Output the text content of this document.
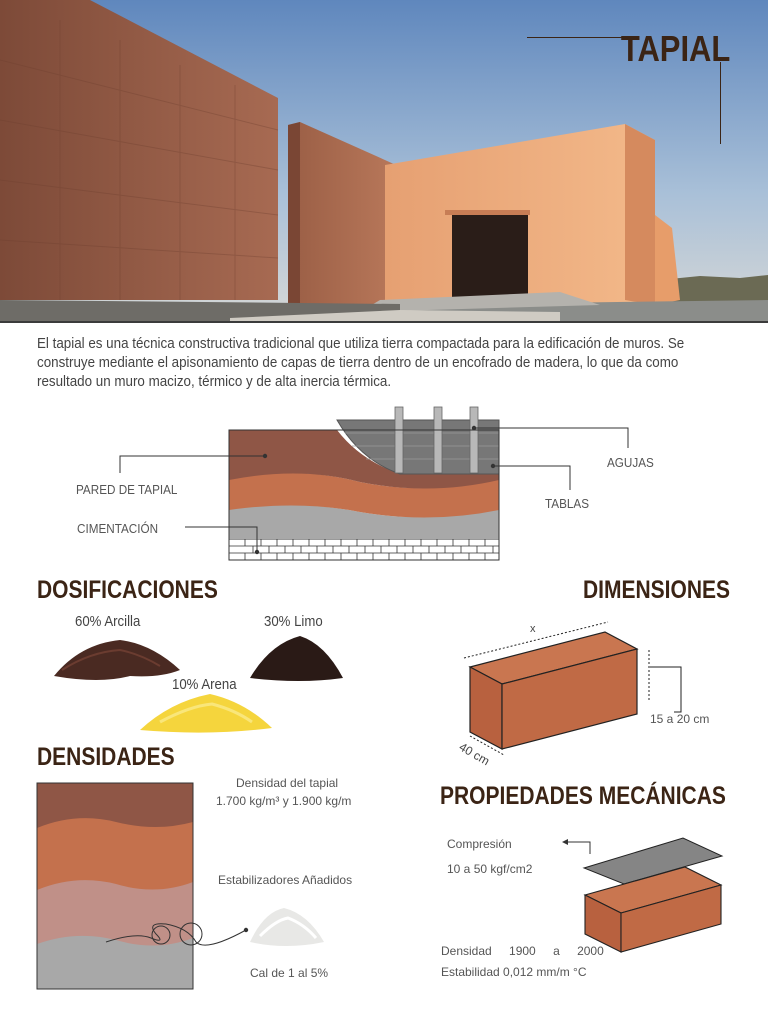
TAPIAL
El tapial es una técnica constructiva tradicional que utiliza tierra compactada para la edificación de muros. Se construye mediante el apisonamiento de capas de tierra dentro de un encofrado de madera, lo que da como resultado un muro macizo, térmico y de alta inercia térmica.
PARED DE TAPIAL
CIMENTACIÓN
AGUJAS
TABLAS
DOSIFICACIONES
60% Arcilla	30% Limo
10% Arena
DIMENSIONES
x
40 cm
15 a 20 cm
DENSIDADES
Densidad del tapial
1.700 kg/m³ y 1.900 kg/m
Estabilizadores Añadidos
Cal de 1 al 5%
PROPIEDADES MECÁNICAS
Compresión
10 a 50 kgf/cm2
Densidad 1900 a 2000
Estabilidad 0,012 mm/m °C
